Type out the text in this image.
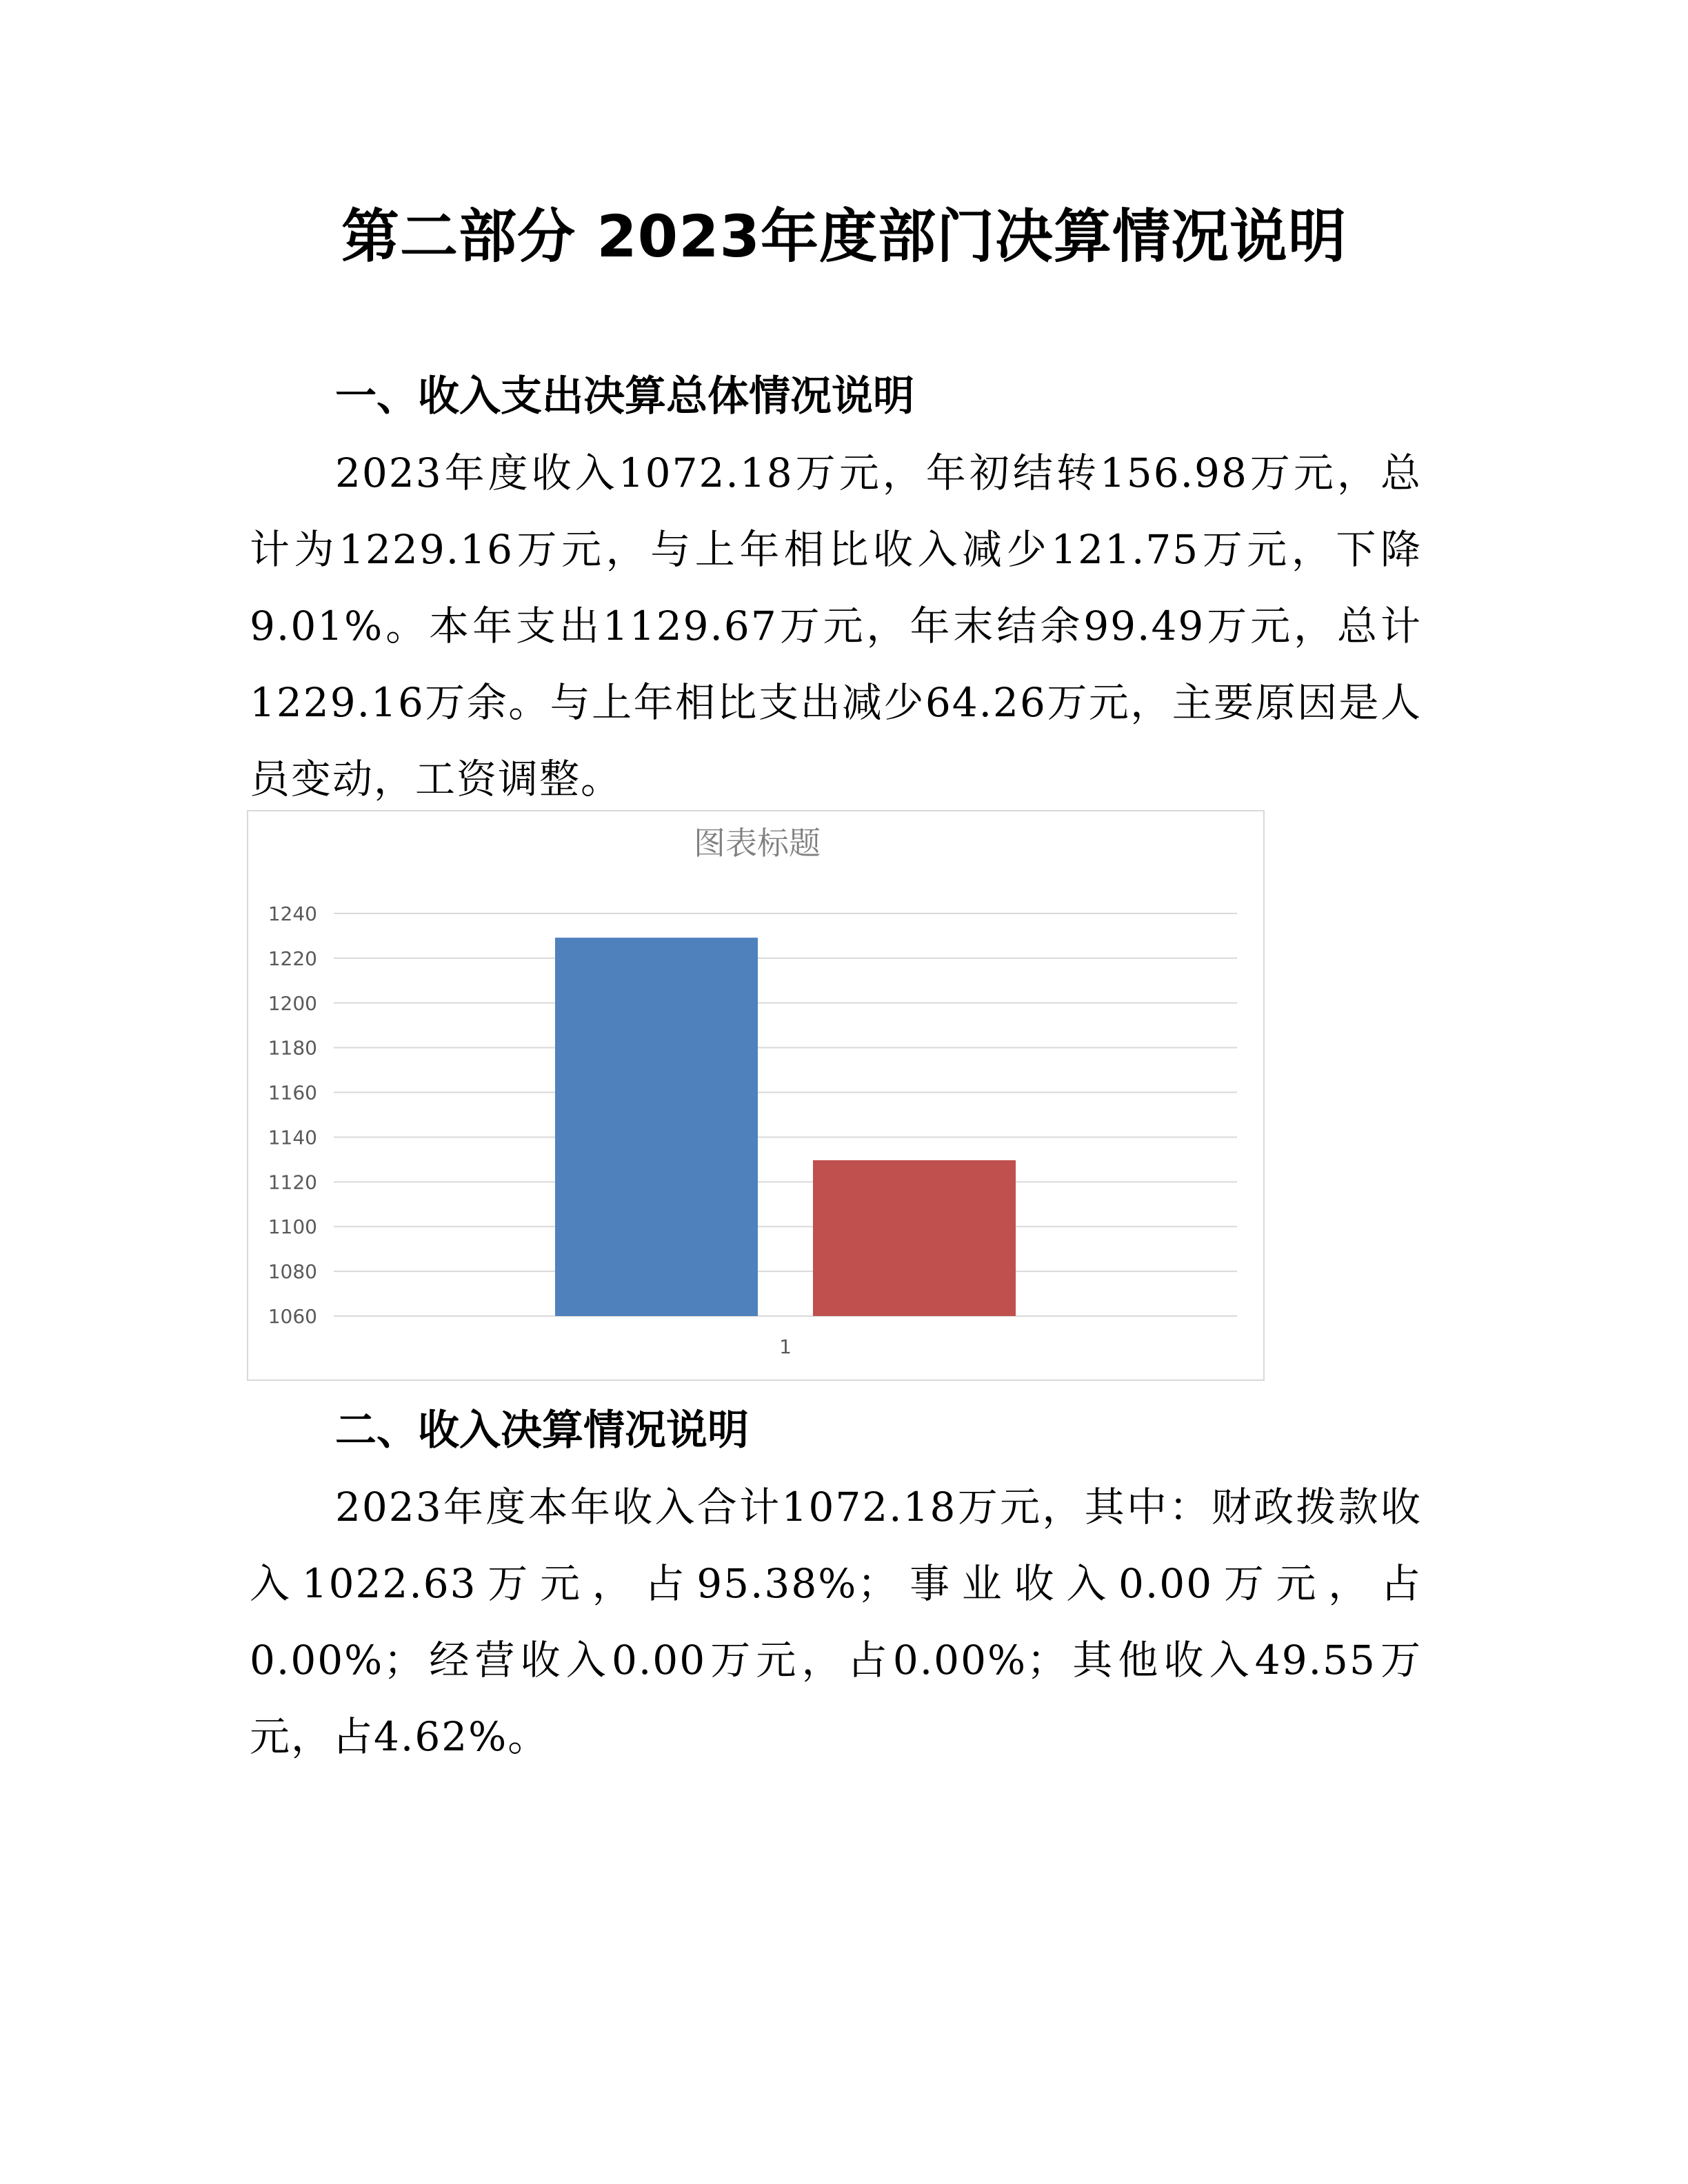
第二部分 2023年度部门决算情况说明
一、收入支出决算总体情况说明

2023年度收入1072.18万元，年初结转156.98万元，总计为1229.16万元，与上年相比收入减少121.75万元，下降9.01%。本年支出1129.67万元，年末结余99.49万元，总计1229.16万余。与上年相比支出减少64.26万元，主要原因是人员变动，工资调整。

图表标题
1060
1080
1100
1120
1140
1160
1180
1200
1220
1240
1
二、收入决算情况说明

2023年度本年收入合计1072.18万元，其中：财政拨款收入1022.63万元，占95.38%；事业收入0.00万元，占0.00%；经营收入0.00万元，占0.00%；其他收入49.55万元，占4.62%。
